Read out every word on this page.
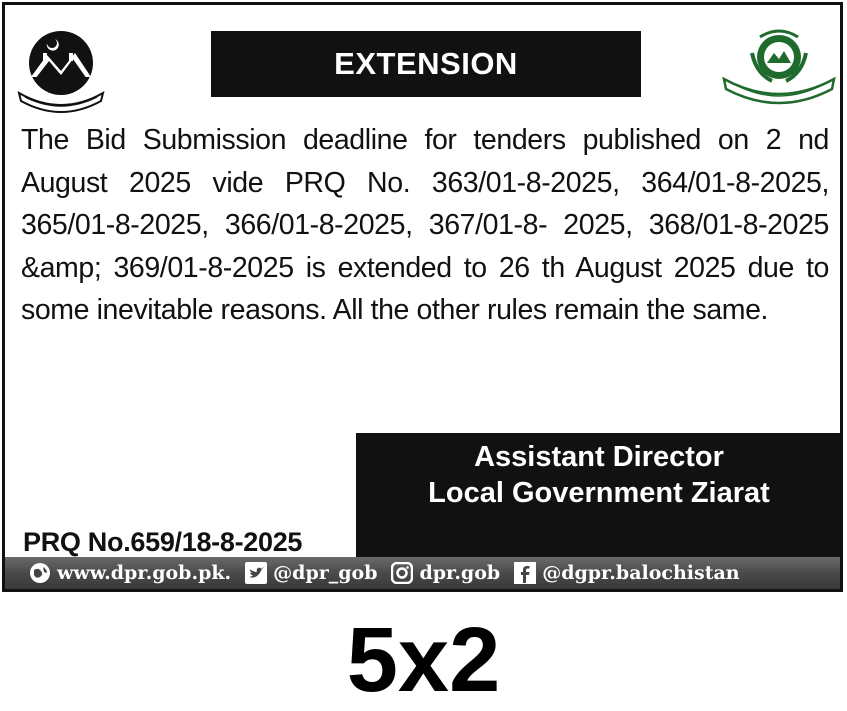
EXTENSION
The Bid Submission deadline for tenders published on 2 nd August 2025 vide PRQ No. 363/01-8-2025, 364/01-8-2025, 365/01-8-2025, 366/01-8-2025, 367/01-8- 2025, 368/01-8-2025 &amp; 369/01-8-2025 is extended to 26 th August 2025 due to some inevitable reasons. All the other rules remain the same.
Assistant Director
Local Government Ziarat
PRQ No.659/18-8-2025
www.dpr.gob.pk. @dpr_gob dpr.gob @dgpr.balochistan
5x2
